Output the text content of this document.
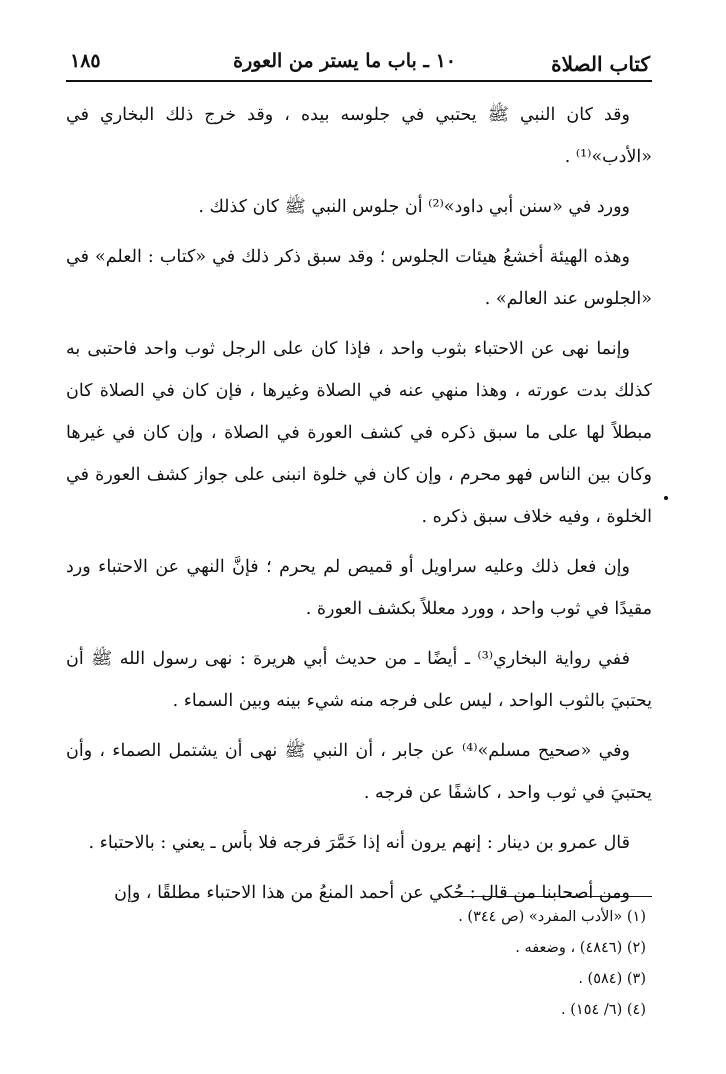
كتاب الصلاة
١٠ ـ باب ما يستر من العورة
١٨٥

وقد كان النبي ﷺ يحتبي في جلوسه بيده ، وقد خرج ذلك البخاري في «الأدب»⁽¹⁾ .

وورد في «سنن أبي داود»⁽²⁾ أن جلوس النبي ﷺ كان كذلك .

وهذه الهيئة أخشعُ هيئات الجلوس ؛ وقد سبق ذكر ذلك في «كتاب : العلم» في «الجلوس عند العالم» .

وإنما نهى عن الاحتباء بثوب واحد ، فإذا كان على الرجل ثوب واحد فاحتبى به كذلك بدت عورته ، وهذا منهي عنه في الصلاة وغيرها ، فإن كان في الصلاة كان مبطلاً لها على ما سبق ذكره في كشف العورة في الصلاة ، وإن كان في غيرها وكان بين الناس فهو محرم ، وإن كان في خلوة انبنى على جواز كشف العورة في الخلوة ، وفيه خلاف سبق ذكره .

وإن فعل ذلك وعليه سراويل أو قميص لم يحرم ؛ فإنَّ النهي عن الاحتباء ورد مقيدًا في ثوب واحد ، وورد معللاً بكشف العورة .

ففي رواية البخاري⁽³⁾ ـ أيضًا ـ من حديث أبي هريرة : نهى رسول الله ﷺ أن يحتبيَ بالثوب الواحد ، ليس على فرجه منه شيء بينه وبين السماء .

وفي «صحيح مسلم»⁽⁴⁾ عن جابر ، أن النبي ﷺ نهى أن يشتمل الصماء ، وأن يحتبيَ في ثوب واحد ، كاشفًا عن فرجه .

قال عمرو بن دينار : إنهم يرون أنه إذا خَمَّرَ فرجه فلا بأس ـ يعني : بالاحتباء .

ومن أصحابنا من قال : حُكي عن أحمد المنعُ من هذا الاحتباء مطلقًا ، وإن

(١) «الأدب المفرد» (ص ٣٤٤) .
(٢) (٤٨٤٦) ، وضعفه .
(٣) (٥٨٤) .
(٤) (٦/ ١٥٤) .
